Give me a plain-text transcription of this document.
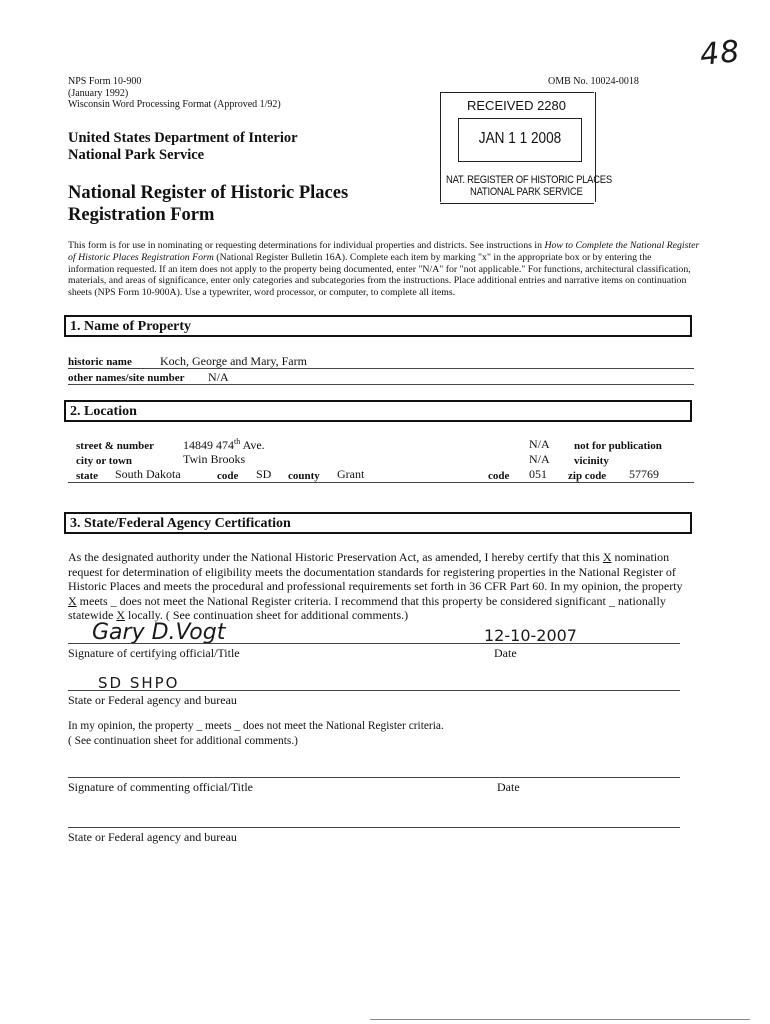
NPS Form 10-900
(January 1992)
Wisconsin Word Processing Format (Approved 1/92)
OMB No. 10024-0018
48
United States Department of Interior
National Park Service
National Register of Historic Places
Registration Form
RECEIVED 2280
JAN 1 1 2008
NAT. REGISTER OF HISTORIC PLACES
NATIONAL PARK SERVICE
This form is for use in nominating or requesting determinations for individual properties and districts. See instructions in How to Complete the National Register of Historic Places Registration Form (National Register Bulletin 16A). Complete each item by marking "x" in the appropriate box or by entering the information requested. If an item does not apply to the property being documented, enter "N/A" for "not applicable." For functions, architectural classification, materials, and areas of significance, enter only categories and subcategories from the instructions. Place additional entries and narrative items on continuation sheets (NPS Form 10-900A). Use a typewriter, word processor, or computer, to complete all items.
1. Name of Property
historic name Koch, George and Mary, Farm
other names/site number N/A
2. Location
street & number 14849 474th Ave.	N/A not for publication
city or town	Twin Brooks	N/A vicinity
state South Dakota	code SD county Grant	code 051 zip code 57769
3. State/Federal Agency Certification
As the designated authority under the National Historic Preservation Act, as amended, I hereby certify that this X nomination request for determination of eligibility meets the documentation standards for registering properties in the National Register of Historic Places and meets the procedural and professional requirements set forth in 36 CFR Part 60. In my opinion, the property X meets _ does not meet the National Register criteria. I recommend that this property be considered significant _ nationally statewide X locally. ( See continuation sheet for additional comments.)
Gary D.Vogt	12-10-2007
Signature of certifying official/Title	Date
SD SHPO
State or Federal agency and bureau
In my opinion, the property _ meets _ does not meet the National Register criteria.
( See continuation sheet for additional comments.)
Signature of commenting official/Title	Date
State or Federal agency and bureau
